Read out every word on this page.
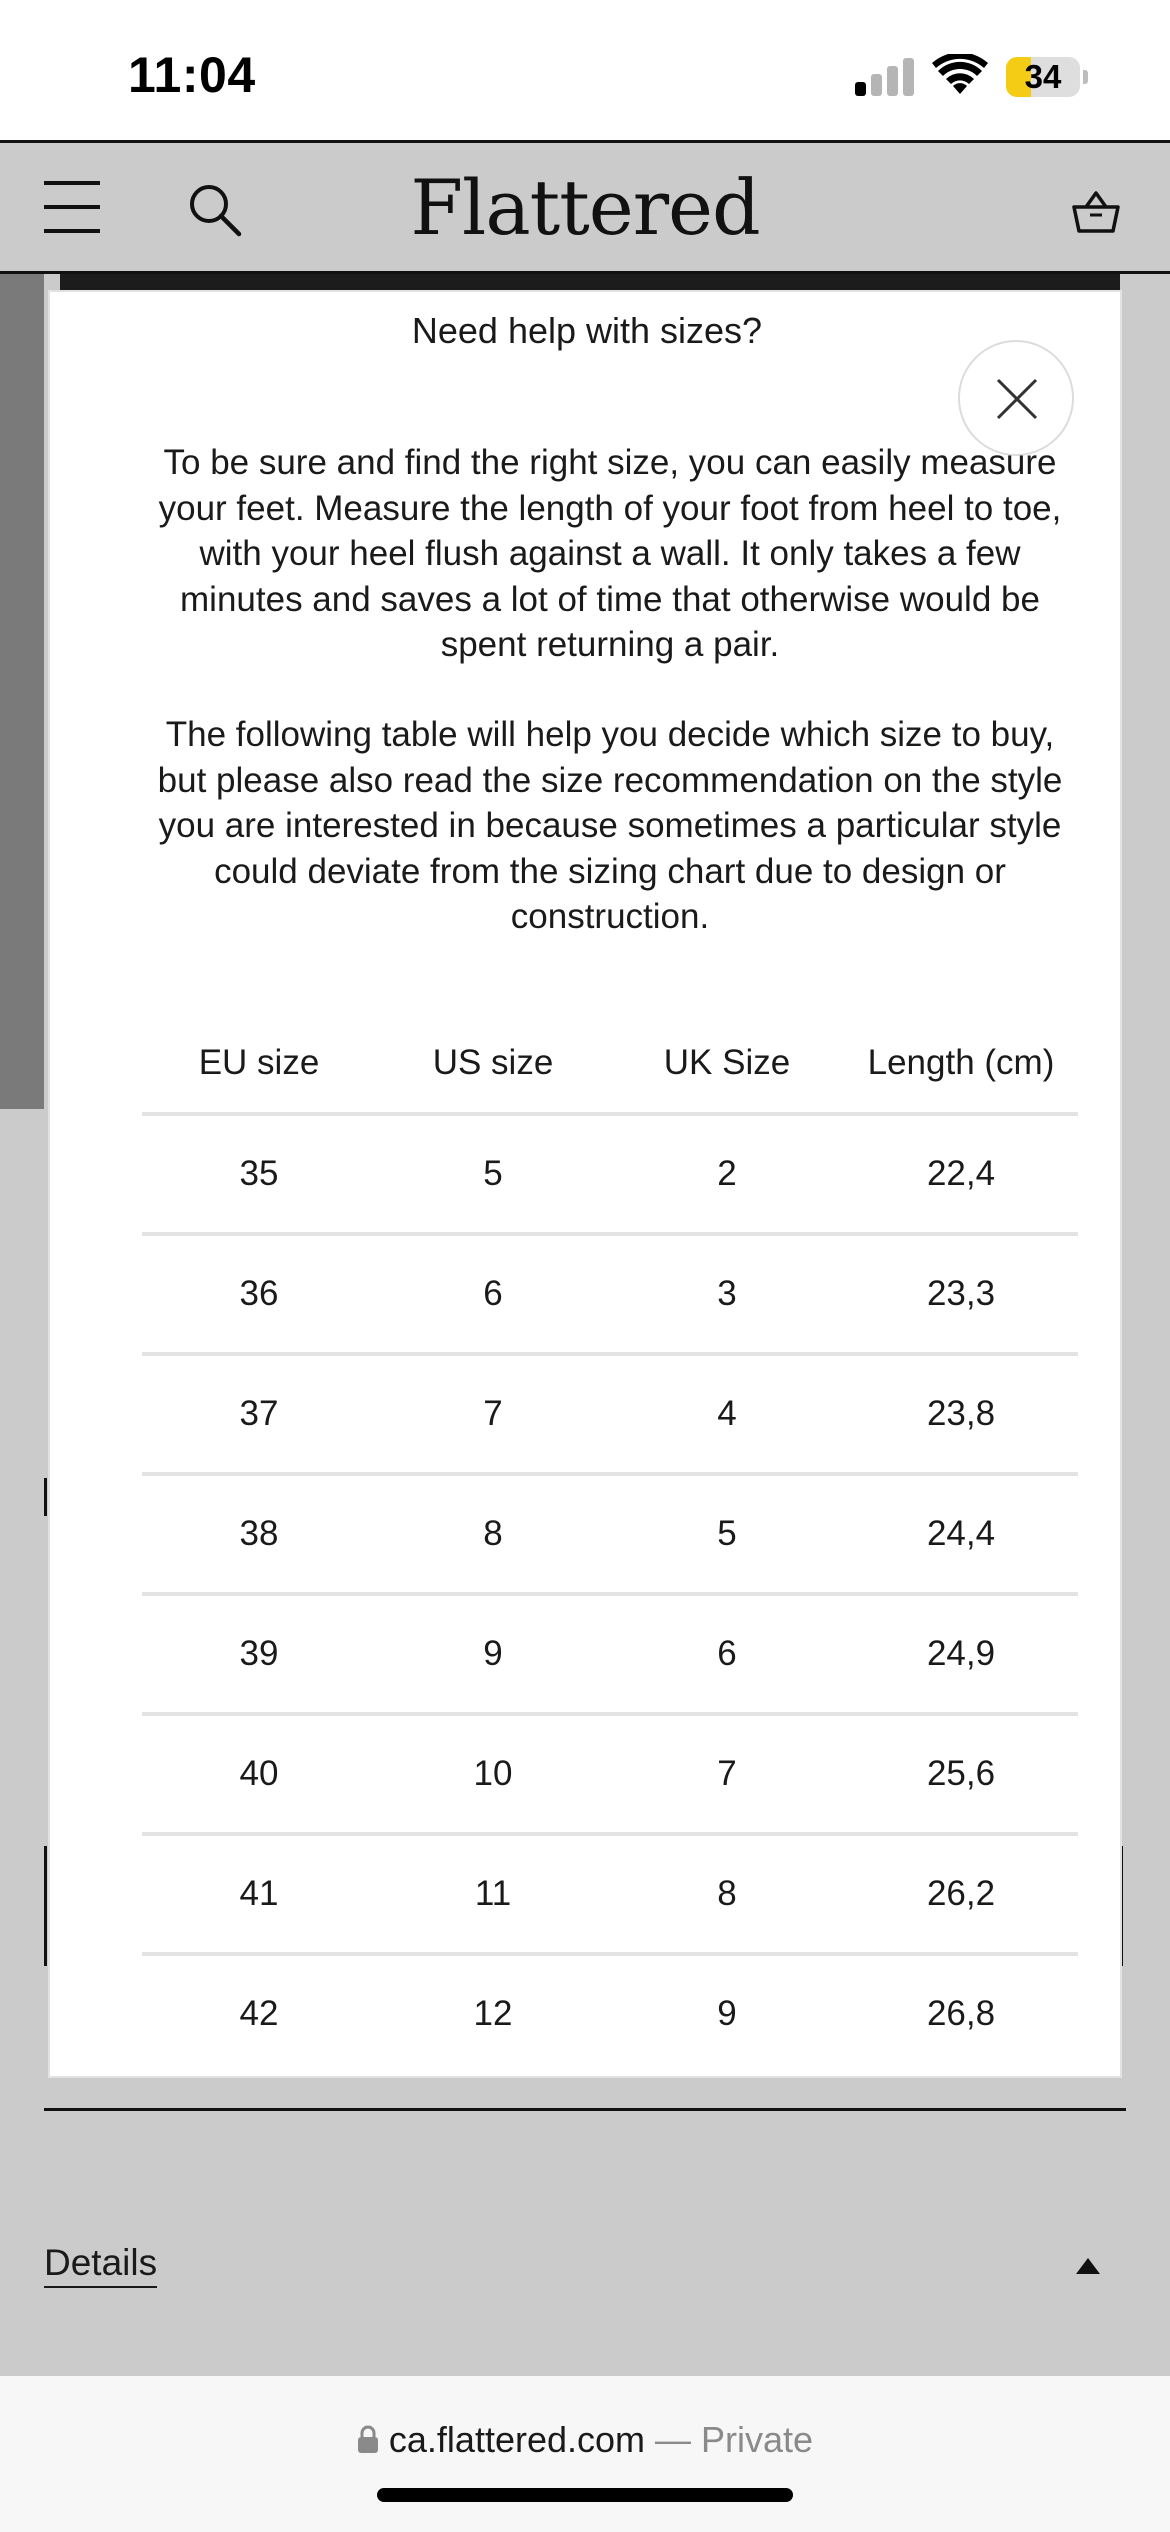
11:04	34
Flattered
Details
Need help with sizes?

To be sure and find the right size, you can easily measure your feet. Measure the length of your foot from heel to toe, with your heel flush against a wall. It only takes a few minutes and saves a lot of time that otherwise would be spent returning a pair.

The following table will help you decide which size to buy, but please also read the size recommendation on the style you are interested in because sometimes a particular style could deviate from the sizing chart due to design or construction.

EU size	US size	UK Size	Length (cm)
35	5	2	22,4
36	6	3	23,3
37	7	4	23,8
38	8	5	24,4
39	9	6	24,9
40	10	7	25,6
41	11	8	26,2
42	12	9	26,8
ca.flattered.com — Private
